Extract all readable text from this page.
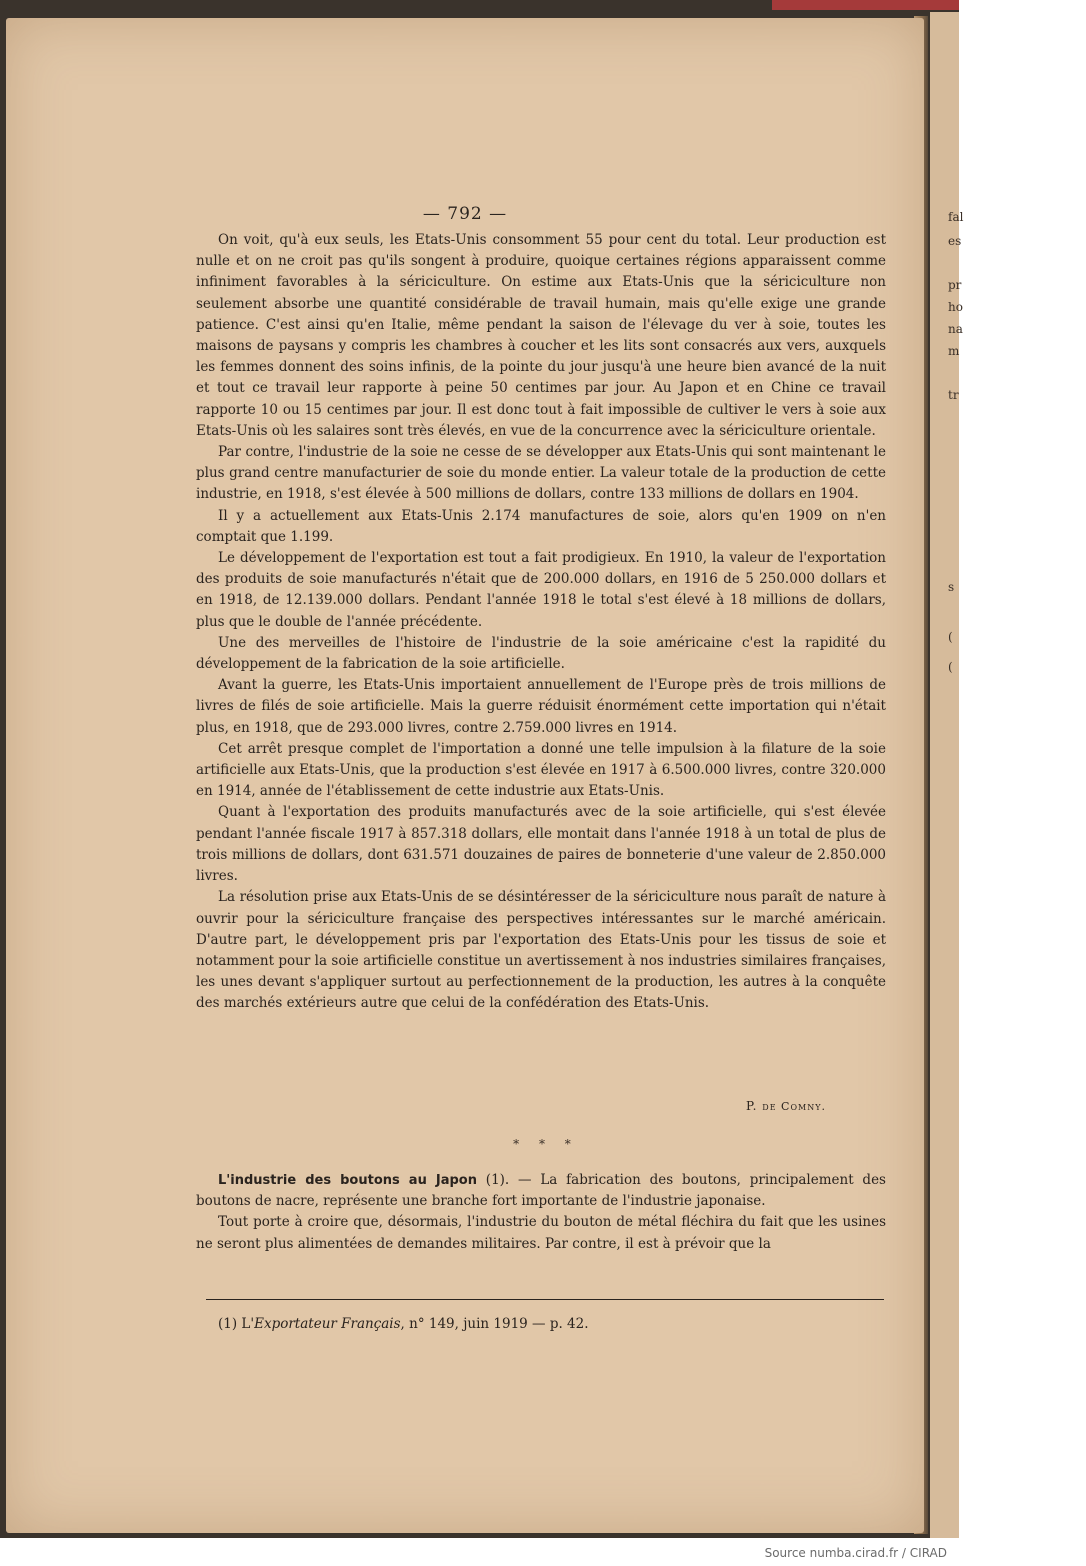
fal
es
pr
ho
na
m
tr
s
(
(
— 792 —

On voit, qu'à eux seuls, les Etats-Unis consomment 55 pour cent du total. Leur production est nulle et on ne croit pas qu'ils songent à produire, quoique certaines régions apparaissent comme infiniment favorables à la sériciculture. On estime aux Etats-Unis que la sériciculture non seulement absorbe une quantité considérable de travail humain, mais qu'elle exige une grande patience. C'est ainsi qu'en Italie, même pendant la saison de l'élevage du ver à soie, toutes les maisons de paysans y compris les chambres à coucher et les lits sont consacrés aux vers, auxquels les femmes donnent des soins infinis, de la pointe du jour jusqu'à une heure bien avancé de la nuit et tout ce travail leur rapporte à peine 50 centimes par jour. Au Japon et en Chine ce travail rapporte 10 ou 15 centimes par jour. Il est donc tout à fait impossible de cultiver le vers à soie aux Etats-Unis où les salaires sont très élevés, en vue de la concurrence avec la sériciculture orientale.

Par contre, l'industrie de la soie ne cesse de se développer aux Etats-Unis qui sont maintenant le plus grand centre manufacturier de soie du monde entier. La valeur totale de la production de cette industrie, en 1918, s'est élevée à 500 millions de dollars, contre 133 millions de dollars en 1904.

Il y a actuellement aux Etats-Unis 2.174 manufactures de soie, alors qu'en 1909 on n'en comptait que 1.199.

Le développement de l'exportation est tout a fait prodigieux. En 1910, la valeur de l'exportation des produits de soie manufacturés n'était que de 200.000 dollars, en 1916 de 5 250.000 dollars et en 1918, de 12.139.000 dollars. Pendant l'année 1918 le total s'est élevé à 18 millions de dollars, plus que le double de l'année précédente.

Une des merveilles de l'histoire de l'industrie de la soie américaine c'est la rapidité du développement de la fabrication de la soie artificielle.

Avant la guerre, les Etats-Unis importaient annuellement de l'Europe près de trois millions de livres de filés de soie artificielle. Mais la guerre réduisit énormément cette importation qui n'était plus, en 1918, que de 293.000 livres, contre 2.759.000 livres en 1914.

Cet arrêt presque complet de l'importation a donné une telle impulsion à la filature de la soie artificielle aux Etats-Unis, que la production s'est élevée en 1917 à 6.500.000 livres, contre 320.000 en 1914, année de l'établissement de cette industrie aux Etats-Unis.

Quant à l'exportation des produits manufacturés avec de la soie artificielle, qui s'est élevée pendant l'année fiscale 1917 à 857.318 dollars, elle montait dans l'année 1918 à un total de plus de trois millions de dollars, dont 631.571 douzaines de paires de bonneterie d'une valeur de 2.850.000 livres.

La résolution prise aux Etats-Unis de se désintéresser de la sériciculture nous paraît de nature à ouvrir pour la sériciculture française des perspectives intéressantes sur le marché américain. D'autre part, le développement pris par l'exportation des Etats-Unis pour les tissus de soie et notamment pour la soie artificielle constitue un avertissement à nos industries similaires françaises, les unes devant s'appliquer surtout au perfectionnement de la production, les autres à la conquête des marchés extérieurs autre que celui de la confédération des Etats-Unis.

P. de Comny.
* * *

L'industrie des boutons au Japon (1). — La fabrication des boutons, principalement des boutons de nacre, représente une branche fort importante de l'industrie japonaise.

Tout porte à croire que, désormais, l'industrie du bouton de métal fléchira du fait que les usines ne seront plus alimentées de demandes militaires. Par contre, il est à prévoir que la

(1) L'Exportateur Français, n° 149, juin 1919 — p. 42.
Source numba.cirad.fr / CIRAD
